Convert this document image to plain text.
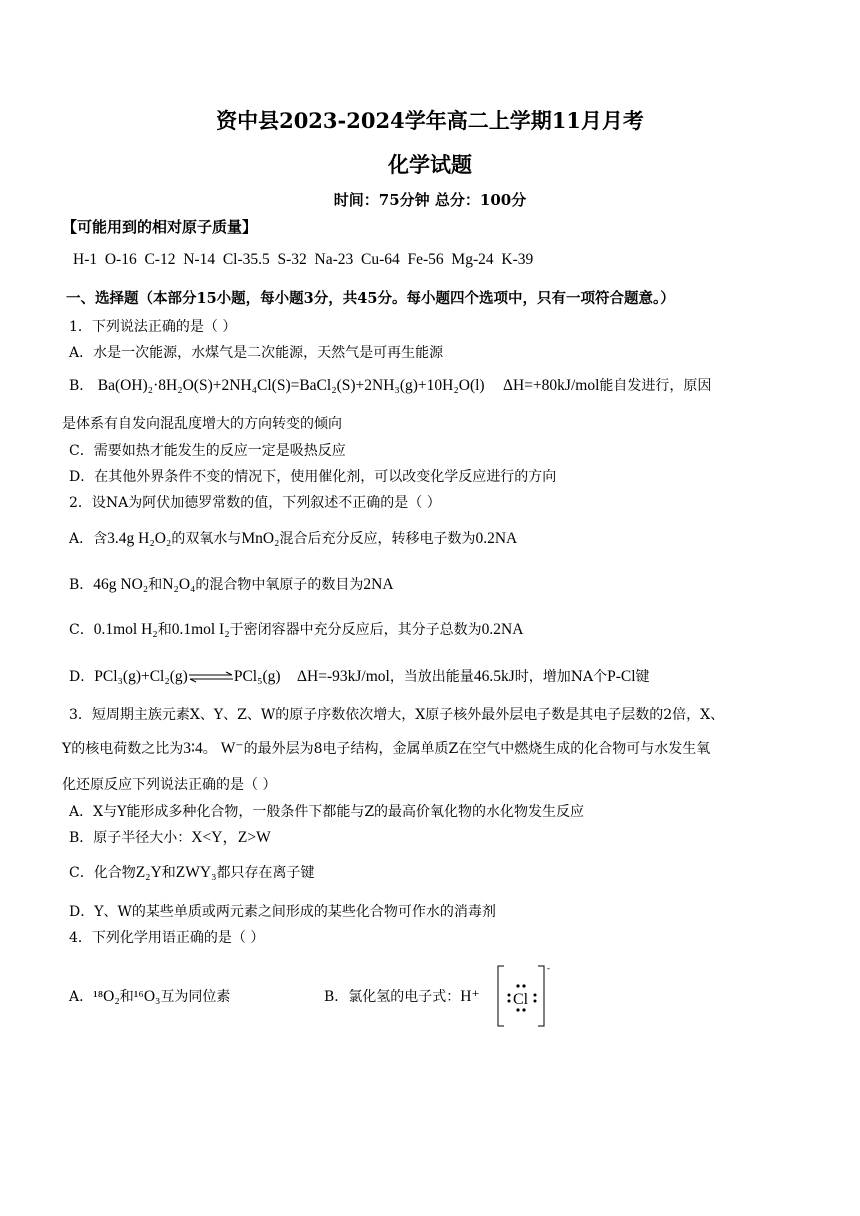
资中县2023-2024学年高二上学期11月月考
化学试题
时间：75分钟 总分：100分
【可能用到的相对原子质量】
H-1  O-16  C-12  N-14  Cl-35.5  S-32  Na-23  Cu-64  Fe-56  Mg-24  K-39
一、选择题（本部分15小题，每小题3分，共45分。每小题四个选项中，只有一项符合题意。）
1．下列说法正确的是（ ）
A．水是一次能源，水煤气是二次能源，天然气是可再生能源
B． Ba(OH)₂·8H₂O(S)+2NH₄Cl(S)=BaCl₂(S)+2NH₃(g)+10H₂O(l) ΔH=+80kJ/mol能自发进行，原因
是体系有自发向混乱度增大的方向转变的倾向
C．需要如热才能发生的反应一定是吸热反应
D．在其他外界条件不变的情况下，使用催化剂，可以改变化学反应进行的方向
2．设NA为阿伏加德罗常数的值，下列叙述不正确的是（ ）
A．含3.4g H₂O₂的双氧水与MnO₂混合后充分反应，转移电子数为0.2NA
B．46g NO₂和N₂O₄的混合物中氧原子的数目为2NA
C．0.1mol H₂和0.1mol I₂于密闭容器中充分反应后，其分子总数为0.2NA
D．PCl₃(g)+Cl₂(g)⇌PCl₅(g) ΔH=-93kJ/mol，当放出能量46.5kJ时，增加NA个P-Cl键
3．短周期主族元素X、Y、Z、W的原子序数依次增大，X原子核外最外层电子数是其电子层数的2倍，X、
Y的核电荷数之比为3∶4。 W⁻的最外层为8电子结构，金属单质Z在空气中燃烧生成的化合物可与水发生氧
化还原反应下列说法正确的是（ ）
A．X与Y能形成多种化合物，一般条件下都能与Z的最高价氧化物的水化物发生反应
B．原子半径大小：X<Y，Z>W
C．化合物Z₂Y和ZWY₃都只存在离子键
D．Y、W的某些单质或两元素之间形成的某些化合物可作水的消毒剂
4．下列化学用语正确的是（ ）
A．¹⁸O₂和¹⁶O₃互为同位素	B．氯化氢的电子式：H⁺ Cl
-
